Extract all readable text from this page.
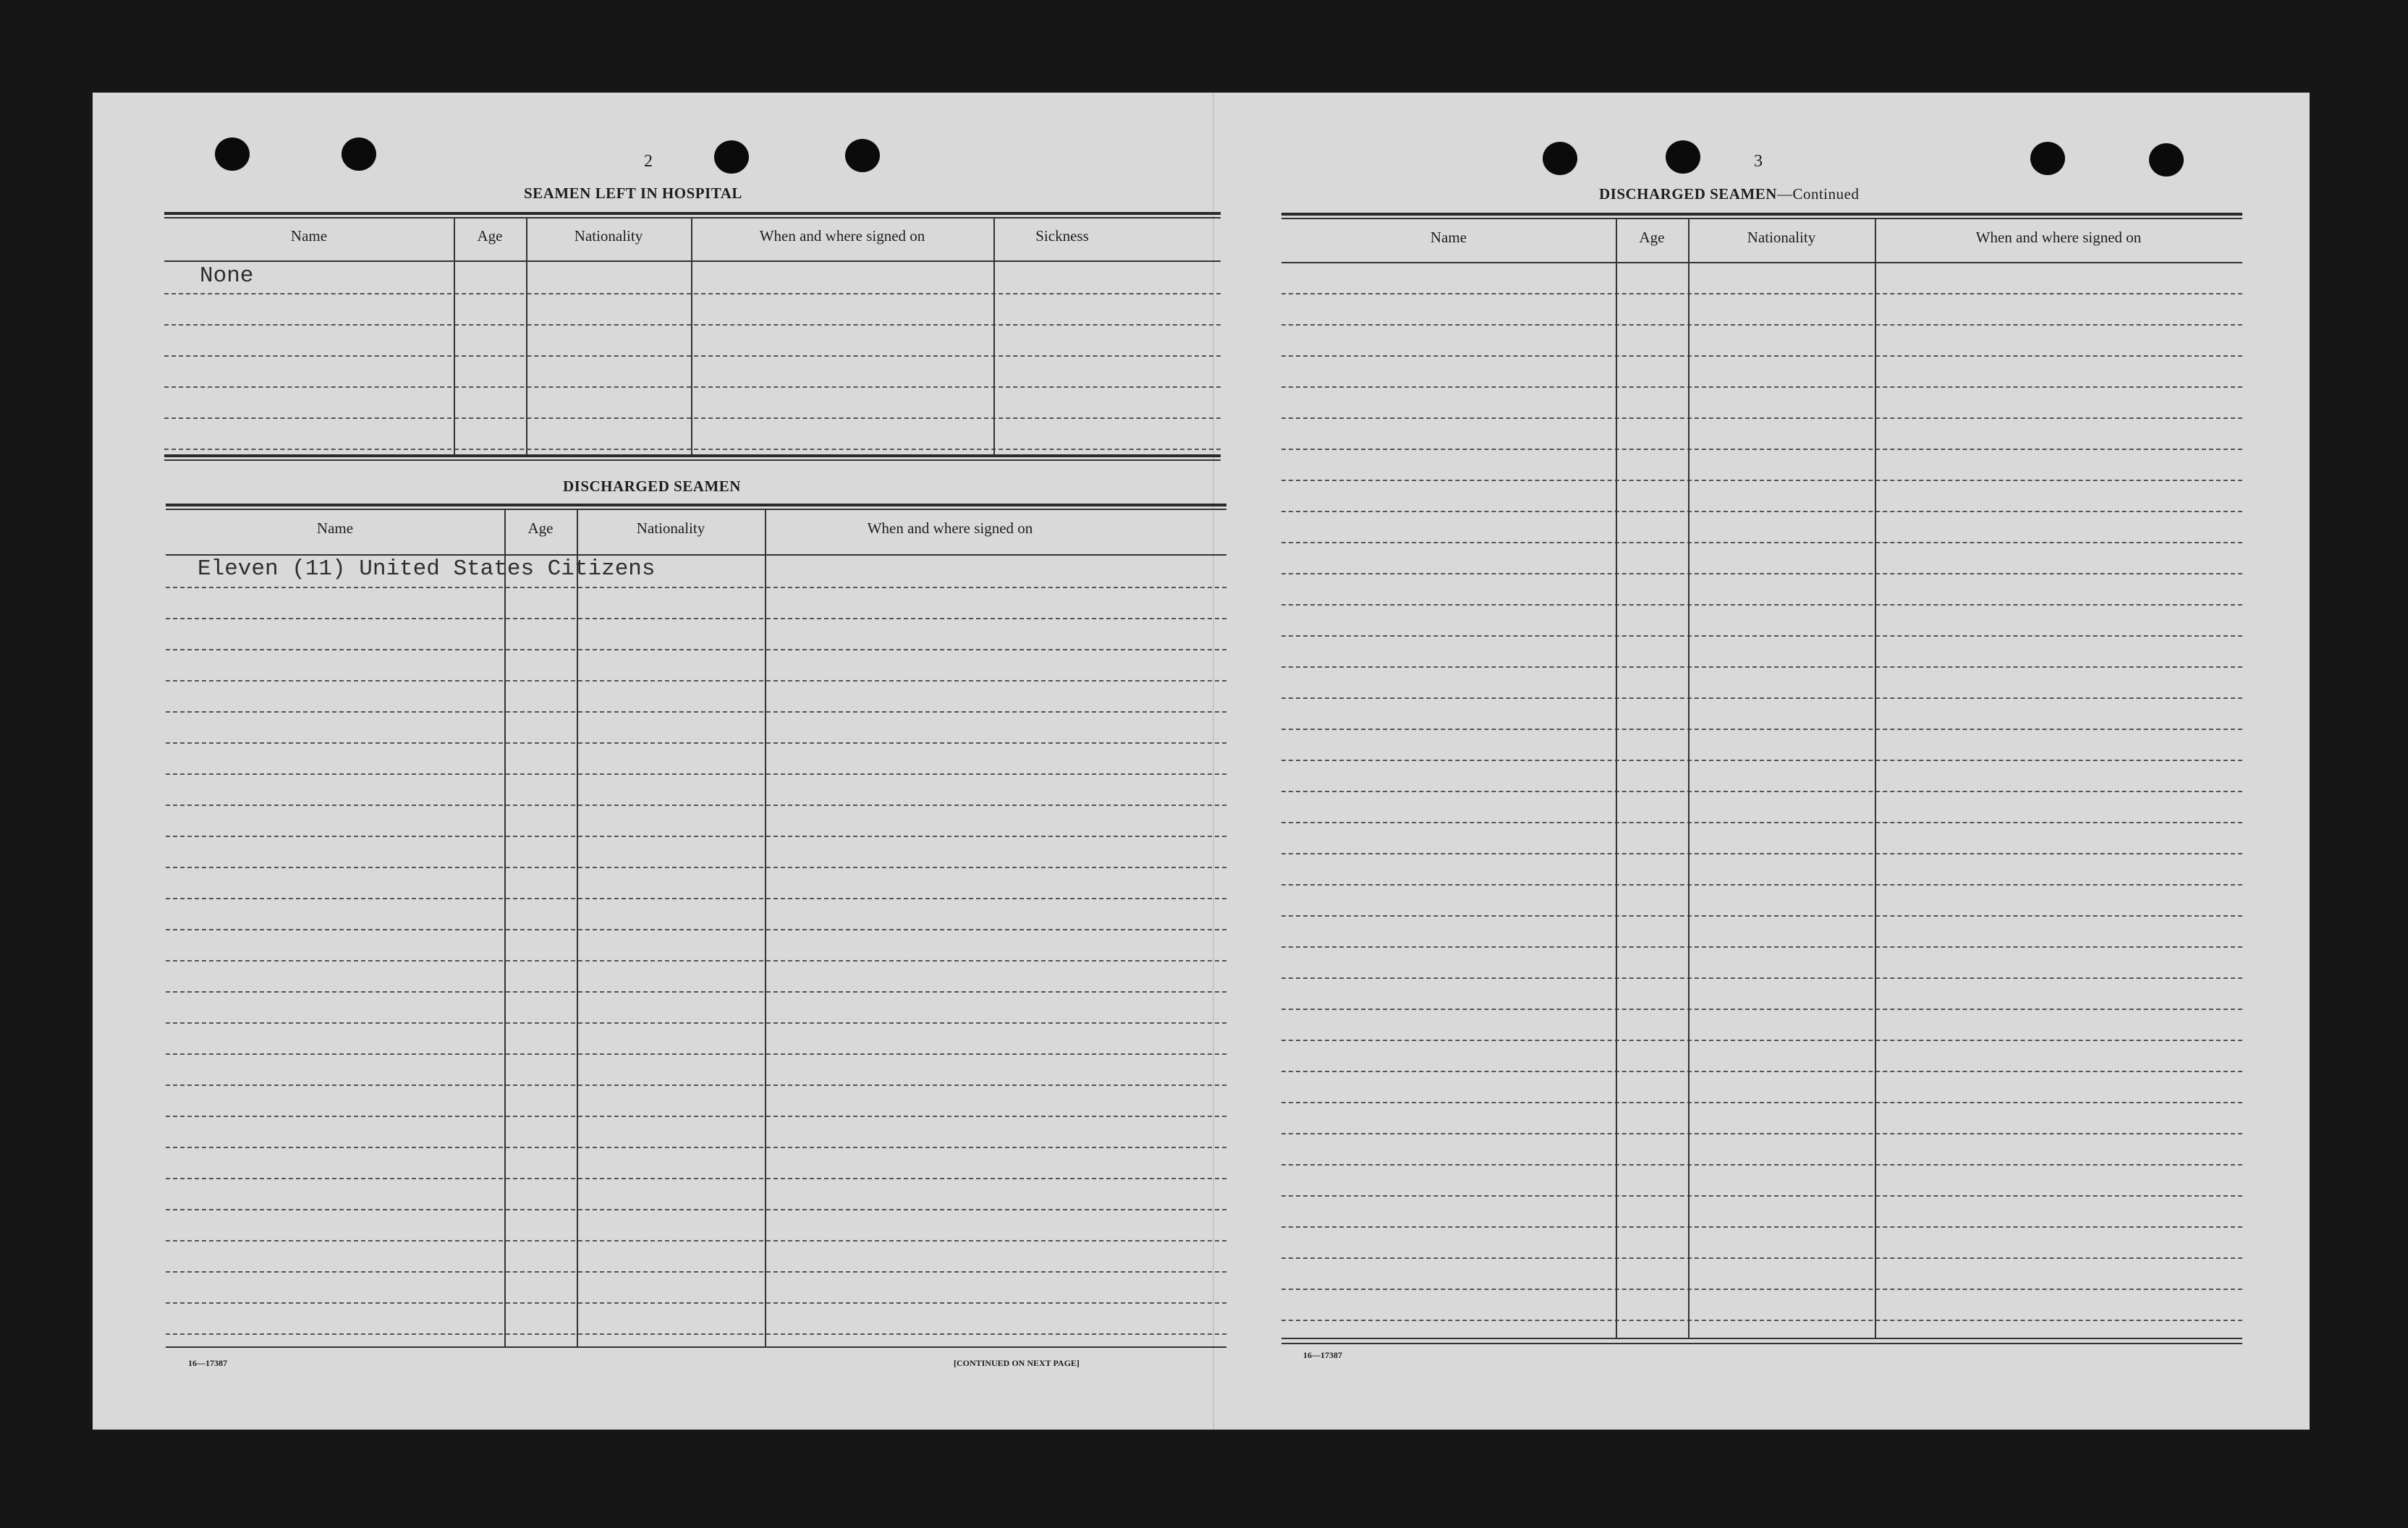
2
SEAMEN LEFT IN HOSPITAL
Name	Age	Nationality	When and where signed on	Sickness
None
DISCHARGED SEAMEN
Name	Age	Nationality	When and where signed on
Eleven (11) United States Citizens
16—17387	[CONTINUED ON NEXT PAGE]
3
DISCHARGED SEAMEN—Continued
Name	Age	Nationality	When and where signed on
16—17387
